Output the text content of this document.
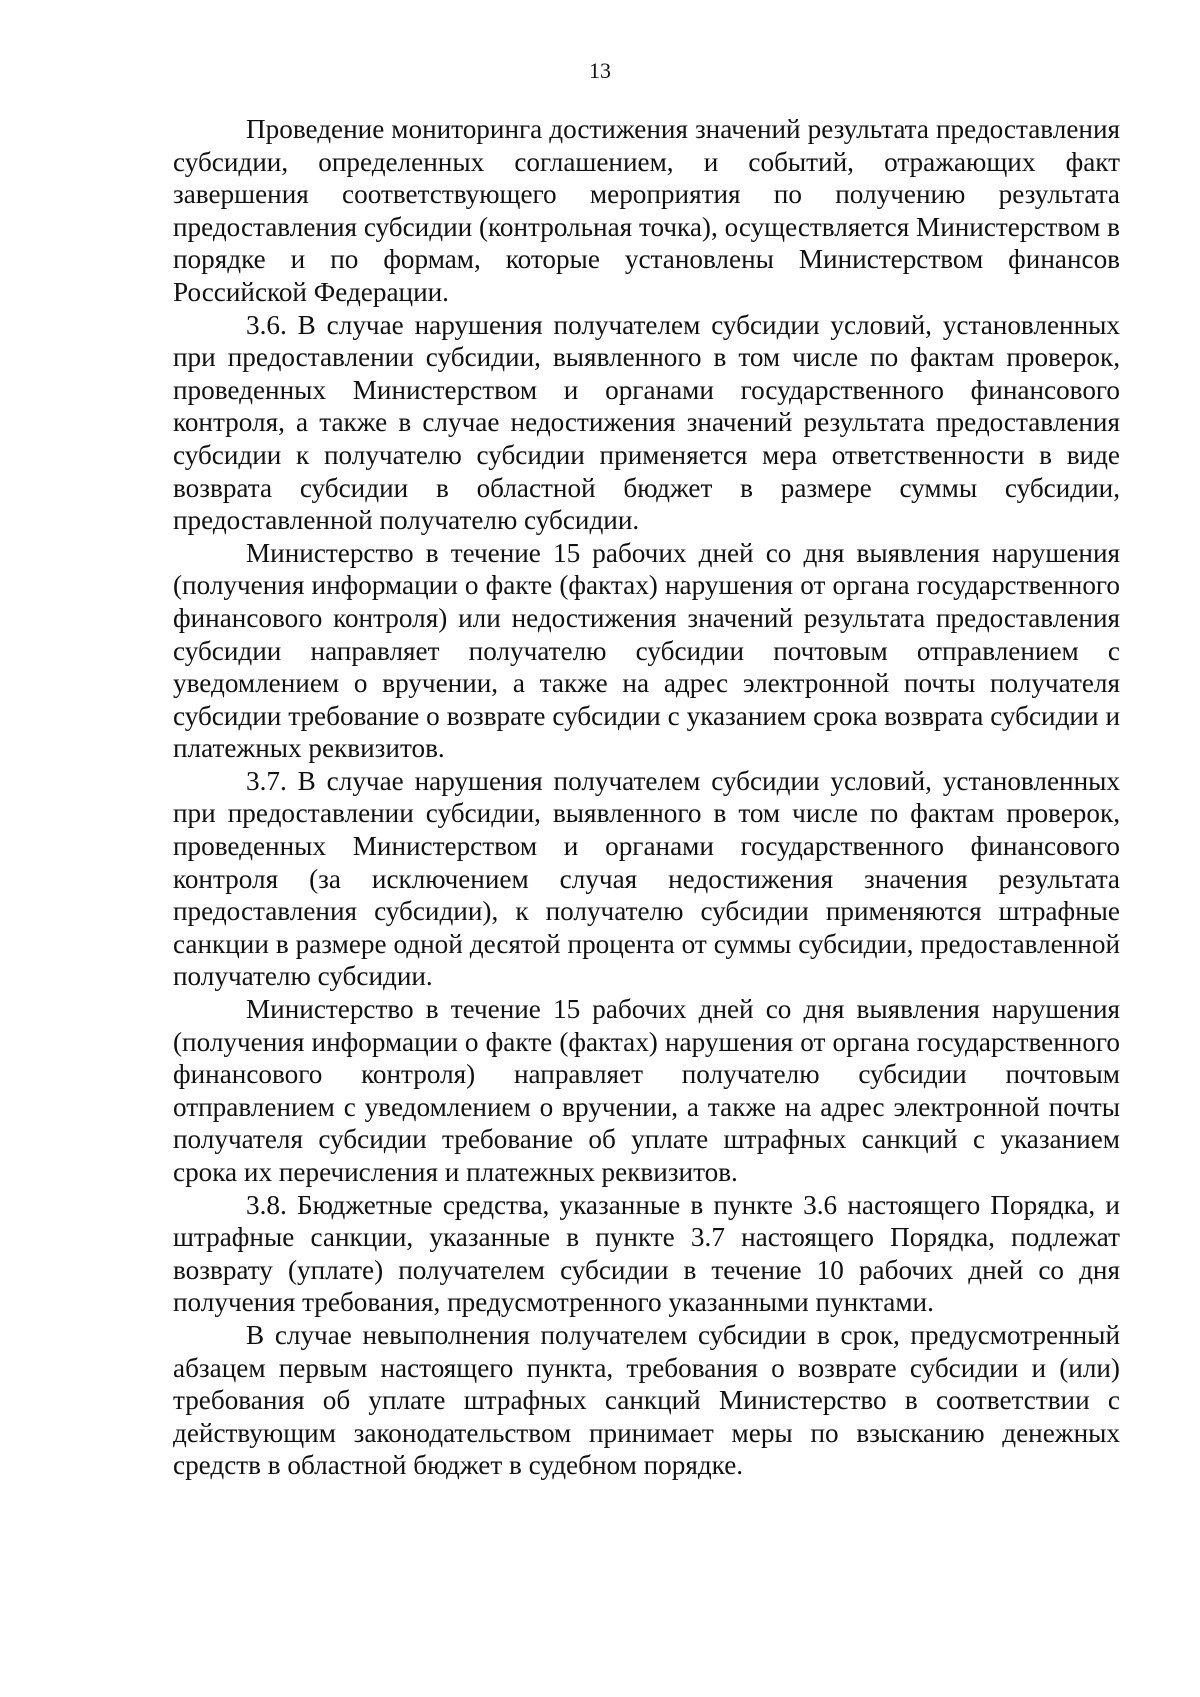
13

Проведение мониторинга достижения значений результата предоставления субсидии, определенных соглашением, и событий, отражающих факт завершения соответствующего мероприятия по получению результата предоставления субсидии (контрольная точка), осуществляется Министерством в порядке и по формам, которые установлены Министерством финансов Российской Федерации.

3.6. В случае нарушения получателем субсидии условий, установленных при предоставлении субсидии, выявленного в том числе по фактам проверок, проведенных Министерством и органами государственного финансового контроля, а также в случае недостижения значений результата предоставления субсидии к получателю субсидии применяется мера ответственности в виде возврата субсидии в областной бюджет в размере суммы субсидии, предоставленной получателю субсидии.

Министерство в течение 15 рабочих дней со дня выявления нарушения (получения информации о факте (фактах) нарушения от органа государственного финансового контроля) или недостижения значений результата предоставления субсидии направляет получателю субсидии почтовым отправлением с уведомлением о вручении, а также на адрес электронной почты получателя субсидии требование о возврате субсидии с указанием срока возврата субсидии и платежных реквизитов.

3.7. В случае нарушения получателем субсидии условий, установленных при предоставлении субсидии, выявленного в том числе по фактам проверок, проведенных Министерством и органами государственного финансового контроля (за исключением случая недостижения значения результата предоставления субсидии), к получателю субсидии применяются штрафные санкции в размере одной десятой процента от суммы субсидии, предоставленной получателю субсидии.

Министерство в течение 15 рабочих дней со дня выявления нарушения (получения информации о факте (фактах) нарушения от органа государственного финансового контроля) направляет получателю субсидии почтовым отправлением с уведомлением о вручении, а также на адрес электронной почты получателя субсидии требование об уплате штрафных санкций с указанием срока их перечисления и платежных реквизитов.

3.8. Бюджетные средства, указанные в пункте 3.6 настоящего Порядка, и штрафные санкции, указанные в пункте 3.7 настоящего Порядка, подлежат возврату (уплате) получателем субсидии в течение 10 рабочих дней со дня получения требования, предусмотренного указанными пунктами.

В случае невыполнения получателем субсидии в срок, предусмотренный абзацем первым настоящего пункта, требования о возврате субсидии и (или) требования об уплате штрафных санкций Министерство в соответствии с действующим законодательством принимает меры по взысканию денежных средств в областной бюджет в судебном порядке.
